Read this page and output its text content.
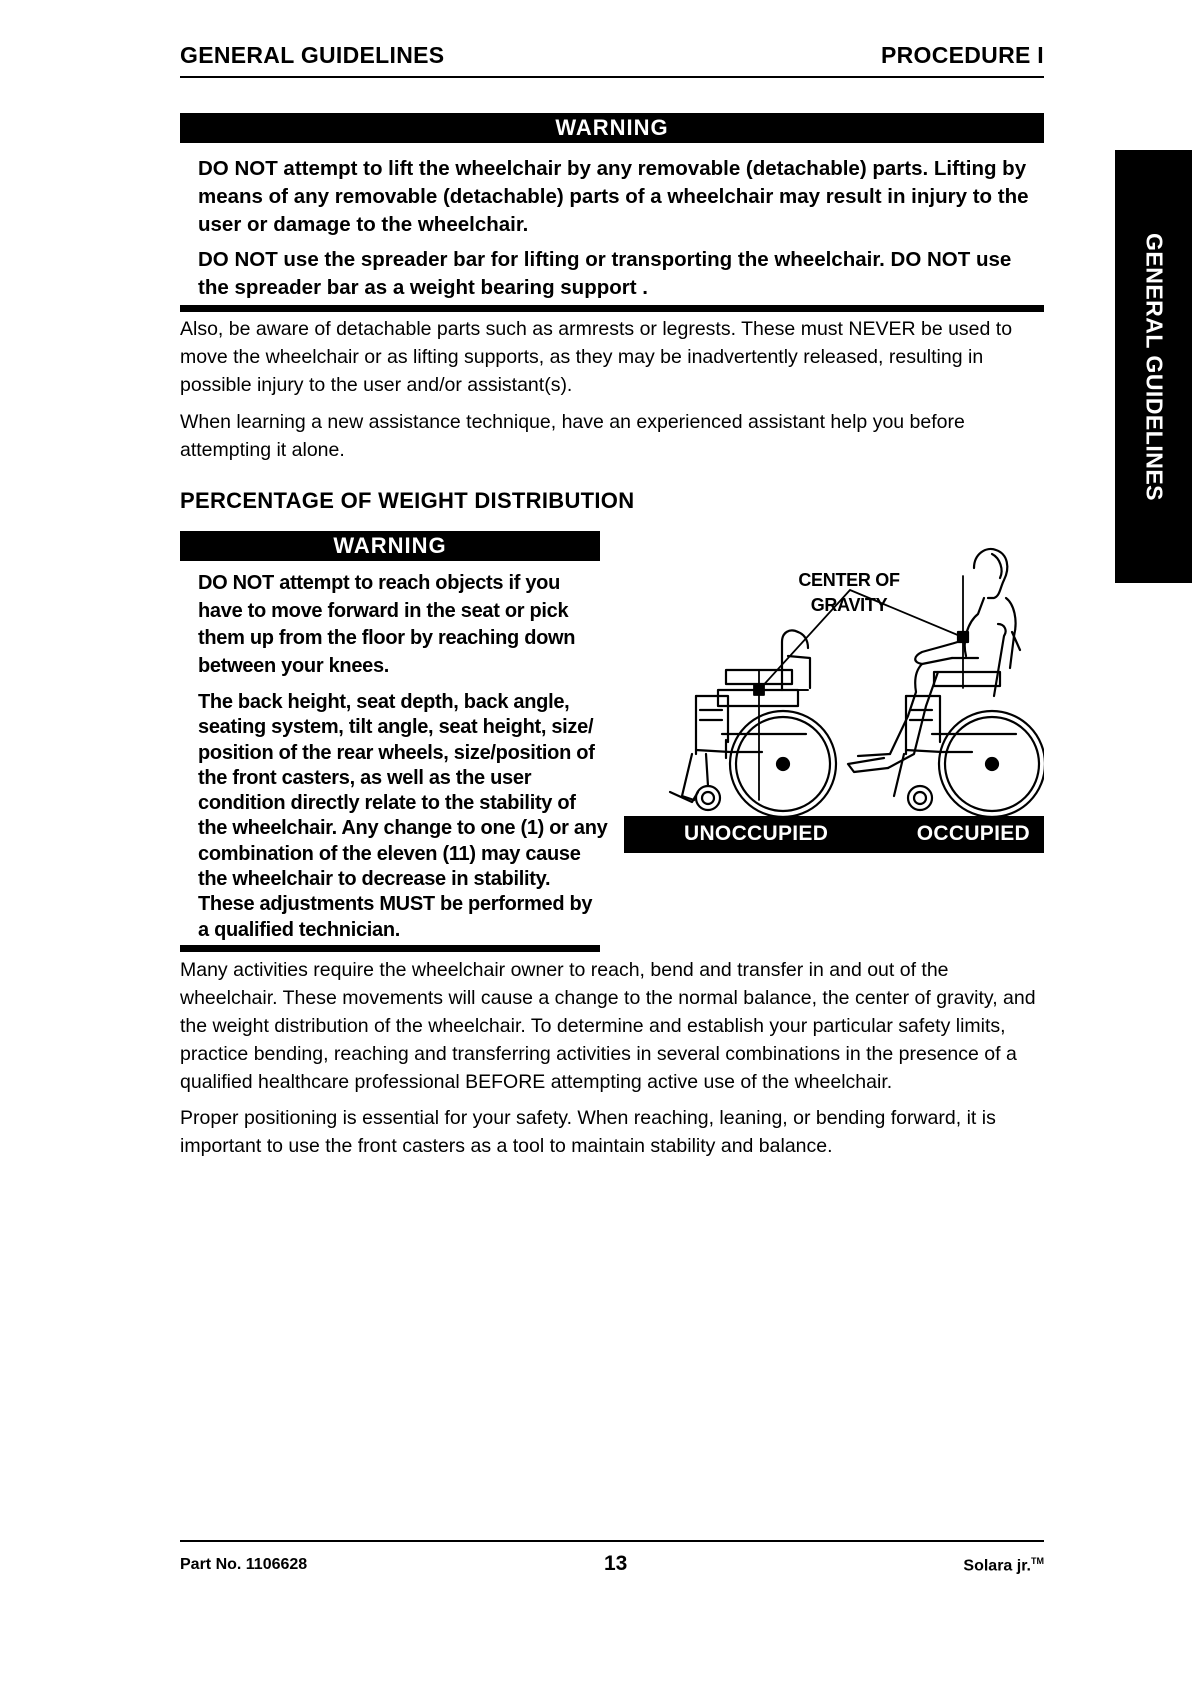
GENERAL GUIDELINES	PROCEDURE I
GENERAL GUIDELINES
WARNING

DO NOT attempt to lift the wheelchair by any removable (detachable) parts. Lifting by means of any removable (detachable) parts of a wheelchair may result in injury to the user or damage to the wheelchair.

DO NOT use the spreader bar for lifting or transporting the wheelchair. DO NOT use the spreader bar as a weight bearing support .

Also, be aware of detachable parts such as armrests or legrests. These must NEVER be used to move the wheelchair or as lifting supports, as they may be inadvertently released, resulting in possible injury to the user and/or assistant(s).

When learning a new assistance technique, have an experienced assistant help you before attempting it alone.

PERCENTAGE OF WEIGHT DISTRIBUTION
WARNING

DO NOT attempt to reach objects if you have to move forward in the seat or pick them up from the floor by reaching down between your knees.

The back height, seat depth, back angle, seating system, tilt angle, seat height, size/ position of the rear wheels, size/position of the front casters, as well as the user condition directly relate to the stability of the wheelchair. Any change to one (1) or any combination of the eleven (11) may cause the wheelchair to decrease in stability. These adjustments MUST be performed by a qualified technician.

CENTER OF
GRAVITY
UNOCCUPIED	OCCUPIED

Many activities require the wheelchair owner to reach, bend and transfer in and out of the wheelchair. These movements will cause a change to the normal balance, the center of gravity, and the weight distribution of the wheelchair. To determine and establish your particular safety limits, practice bending, reaching and transferring activities in several combinations in the presence of a qualified healthcare professional BEFORE attempting active use of the wheelchair.

Proper positioning is essential for your safety. When reaching, leaning, or bending forward, it is important to use the front casters as a tool to maintain stability and balance.

Part No. 1106628	13	Solara jr.™
